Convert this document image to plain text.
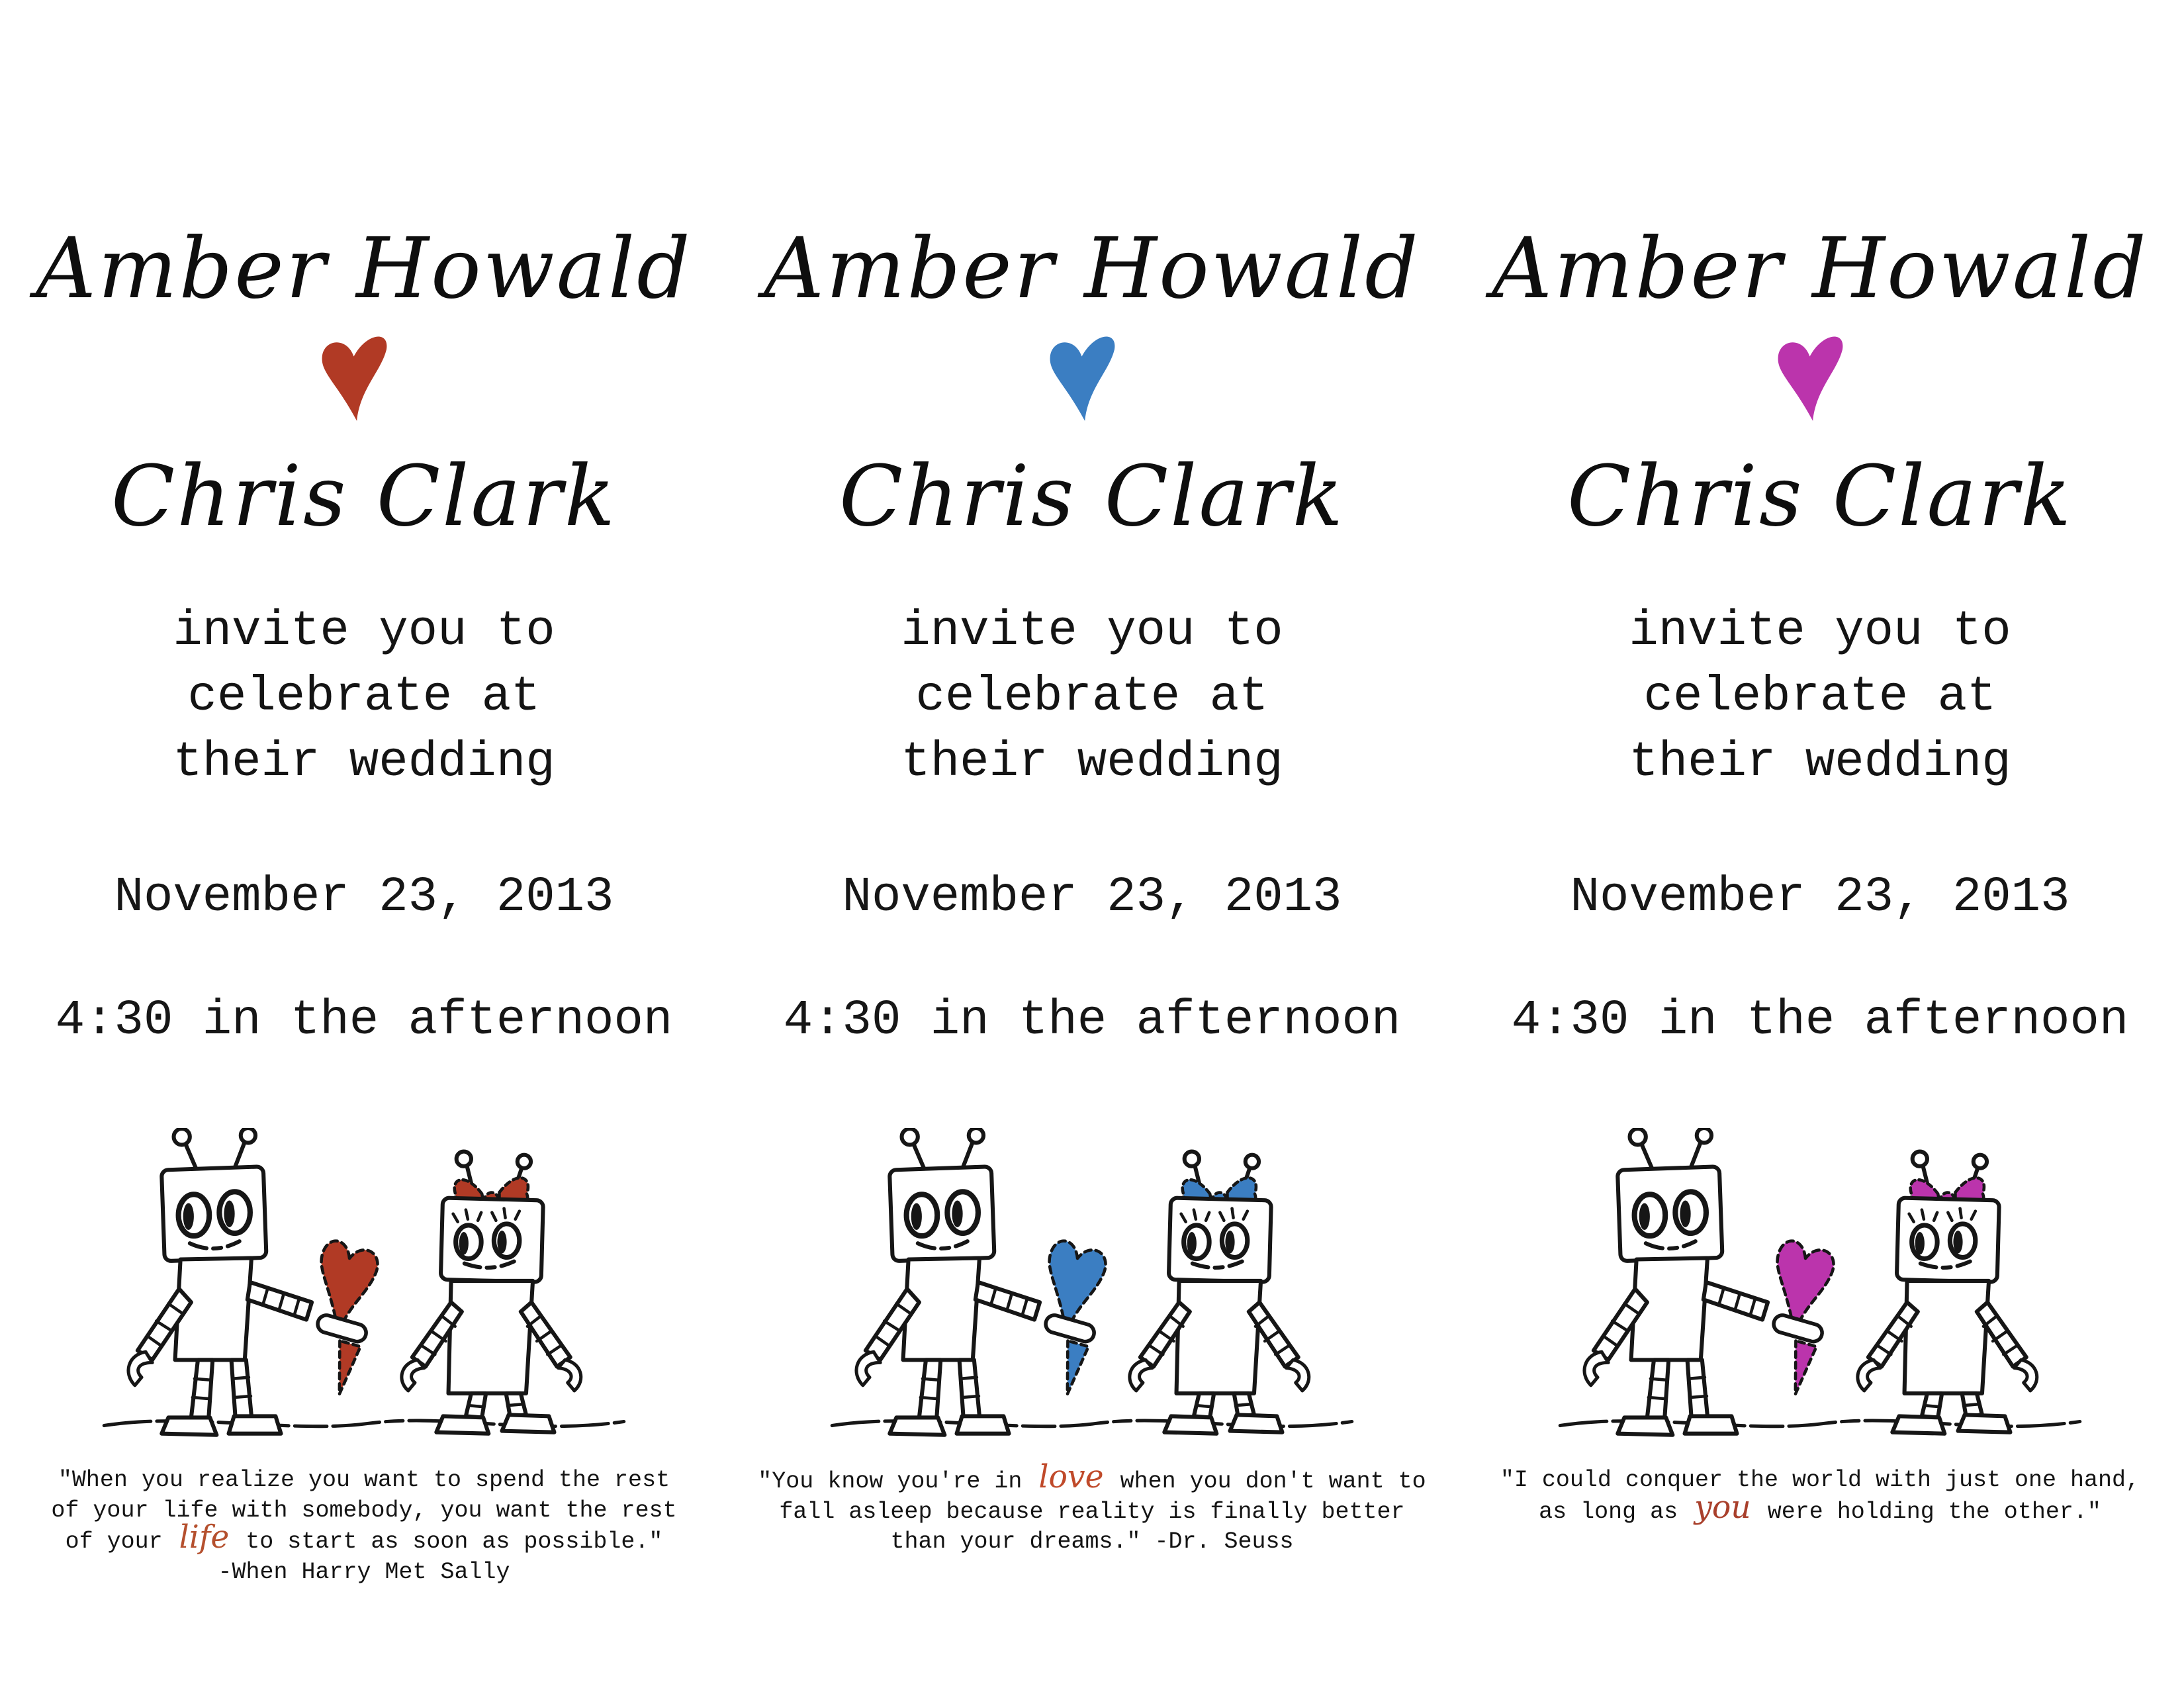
Amber Howald
Chris Clark
invite you to
celebrate at
their wedding
November 23, 2013
4:30 in the afternoon
"When you realize you want to spend the rest
of your life with somebody, you want the rest
of your life to start as soon as possible."
-When Harry Met Sally
Amber Howald
Chris Clark
invite you to
celebrate at
their wedding
November 23, 2013
4:30 in the afternoon
"You know you're in love when you don't want to
fall asleep because reality is finally better
than your dreams." -Dr. Seuss
Amber Howald
Chris Clark
invite you to
celebrate at
their wedding
November 23, 2013
4:30 in the afternoon
"I could conquer the world with just one hand,
as long as you were holding the other."
